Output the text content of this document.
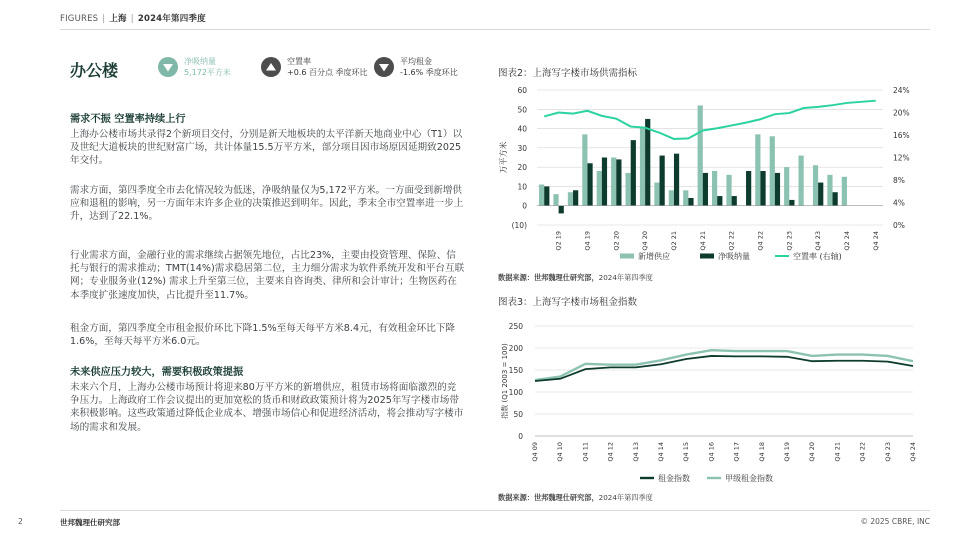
FIGURES | 上海 | 2024年第四季度
办公楼	净吸纳量
5,172平方米
空置率
+0.6 百分点 季度环比
平均租金
-1.6% 季度环比
需求不振 空置率持续上行
上海办公楼市场共录得2个新项目交付，分别是新天地板块的太平洋新天地商业中心（T1）以及世纪大道板块的世纪财富广场，共计体量15.5万平方米，部分项目因市场原因延期致2025年交付。
需求方面，第四季度全市去化情况较为低迷，净吸纳量仅为5,172平方米。一方面受到新增供应和退租的影响，另一方面年末许多企业的决策推迟到明年。因此，季末全市空置率进一步上升，达到了22.1%。
行业需求方面，金融行业的需求继续占据领先地位，占比23%，主要由投资管理、保险、信托与银行的需求推动；TMT(14%)需求稳居第二位，主力细分需求为软件系统开发和平台互联网；专业服务业(12%) 需求上升至第三位，主要来自咨询类、律所和会计审计；生物医药在本季度扩张速度加快，占比提升至11.7%。
租金方面，第四季度全市租金报价环比下降1.5%至每天每平方米8.4元，有效租金环比下降1.6%，至每天每平方米6.0元。
未来供应压力较大，需要积极政策提振
未来六个月，上海办公楼市场预计将迎来80万平方米的新增供应，租赁市场将面临激烈的竞争压力。上海政府工作会议提出的更加宽松的货币和财政政策预计将为2025年写字楼市场带来积极影响。这些政策通过降低企业成本、增强市场信心和促进经济活动，将会推动写字楼市场的需求和发展。
图表2：上海写字楼市场供需指标
(10)
0
10
20
30
40
50
60
0%
4%
8%
12%
16%
20%
24%
万平方米
Q2 19	Q4 19	Q2 20	Q4 20	Q2 21	Q4 21	Q2 22	Q4 22	Q2 23	Q4 23	Q2 24	Q4 24
新增供应	净吸纳量	空置率 (右轴)
数据来源：世邦魏理仕研究部，2024年第四季度
图表3：上海写字楼市场租金指数
0
50
100
150
200
250
指数 (Q1 2003 = 100)
Q4 09	Q4 10	Q4 11	Q4 12	Q4 13	Q4 14	Q4 15	Q4 16	Q4 17	Q4 18	Q4 19	Q4 20	Q4 21	Q4 22	Q4 23	Q4 24
租金指数	甲级租金指数
数据来源：世邦魏理仕研究部，2024年第四季度
2	世邦魏理仕研究部	© 2025 CBRE, INC
